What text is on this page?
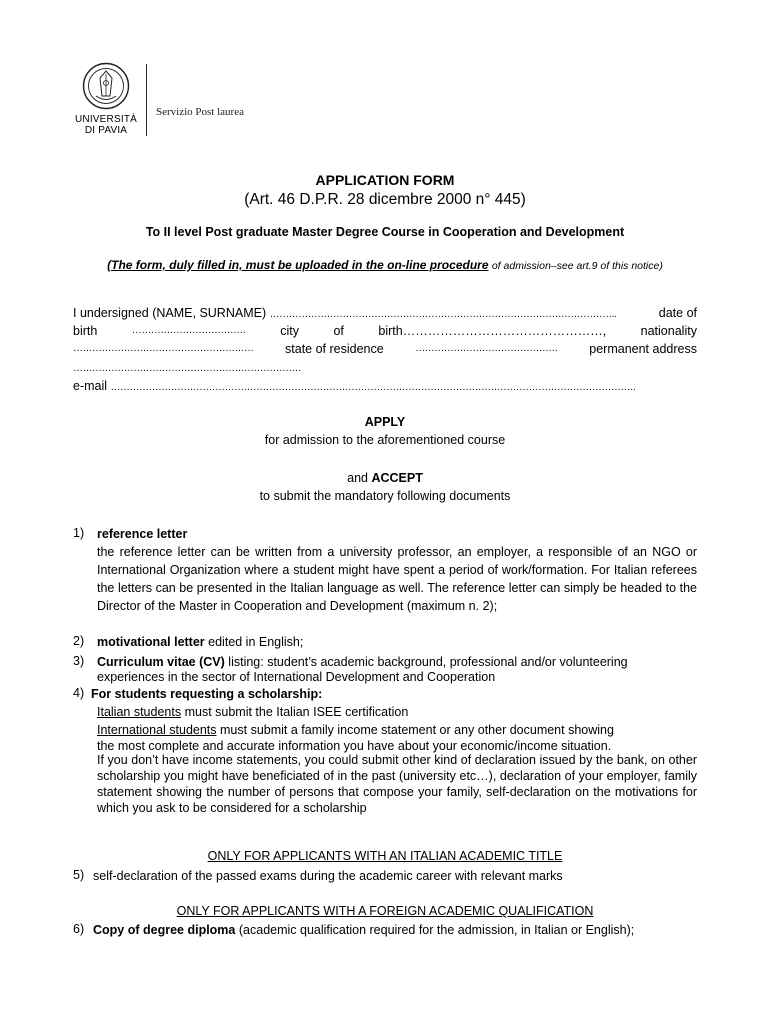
UNIVERSITÀ
DI PAVIA
Servizio Post laurea
APPLICATION FORM
(Art. 46 D.P.R. 28 dicembre 2000 n° 445)
To II level Post graduate Master Degree Course in Cooperation and Development
(The form, duly filled in, must be uploaded in the on-line procedure of admission–see art.9 of this notice)
I undersigned (NAME, SURNAME) ………………………………………………………………………………………………..	date of
birth	………………………………	city	of	birth…………………………………………,	nationality
…………………………………………………	state of residence	………………………………………	permanent address
………………………………………………………………
e-mail ………………………………………………………………………………………………………………………………………………….
APPLY
for admission to the aforementioned course
and ACCEPT
to submit the mandatory following documents
1) reference letter
the reference letter can be written from a university professor, an employer, a responsible of an NGO or International Organization where a student might have spent a period of work/formation. For Italian referees the letters can be presented in the Italian language as well. The reference letter can simply be headed to the Director of the Master in Cooperation and Development (maximum n. 2);
2) motivational letter edited in English;
3) Curriculum vitae (CV) listing: student’s academic background, professional and/or volunteering
experiences in the sector of International Development and Cooperation
4) For students requesting a scholarship:
Italian students must submit the Italian ISEE certification
International students must submit a family income statement or any other document showing
the most complete and accurate information you have about your economic/income situation.
If you don’t have income statements, you could submit other kind of declaration issued by the bank, on other scholarship you might have beneficiated of in the past (university etc…), declaration of your employer, family statement showing the number of persons that compose your family, self-declaration on the motivations for which you ask to be considered for a scholarship
ONLY FOR APPLICANTS WITH AN ITALIAN ACADEMIC TITLE
5) self-declaration of the passed exams during the academic career with relevant marks
ONLY FOR APPLICANTS WITH A FOREIGN ACADEMIC QUALIFICATION
6) Copy of degree diploma (academic qualification required for the admission, in Italian or English);
